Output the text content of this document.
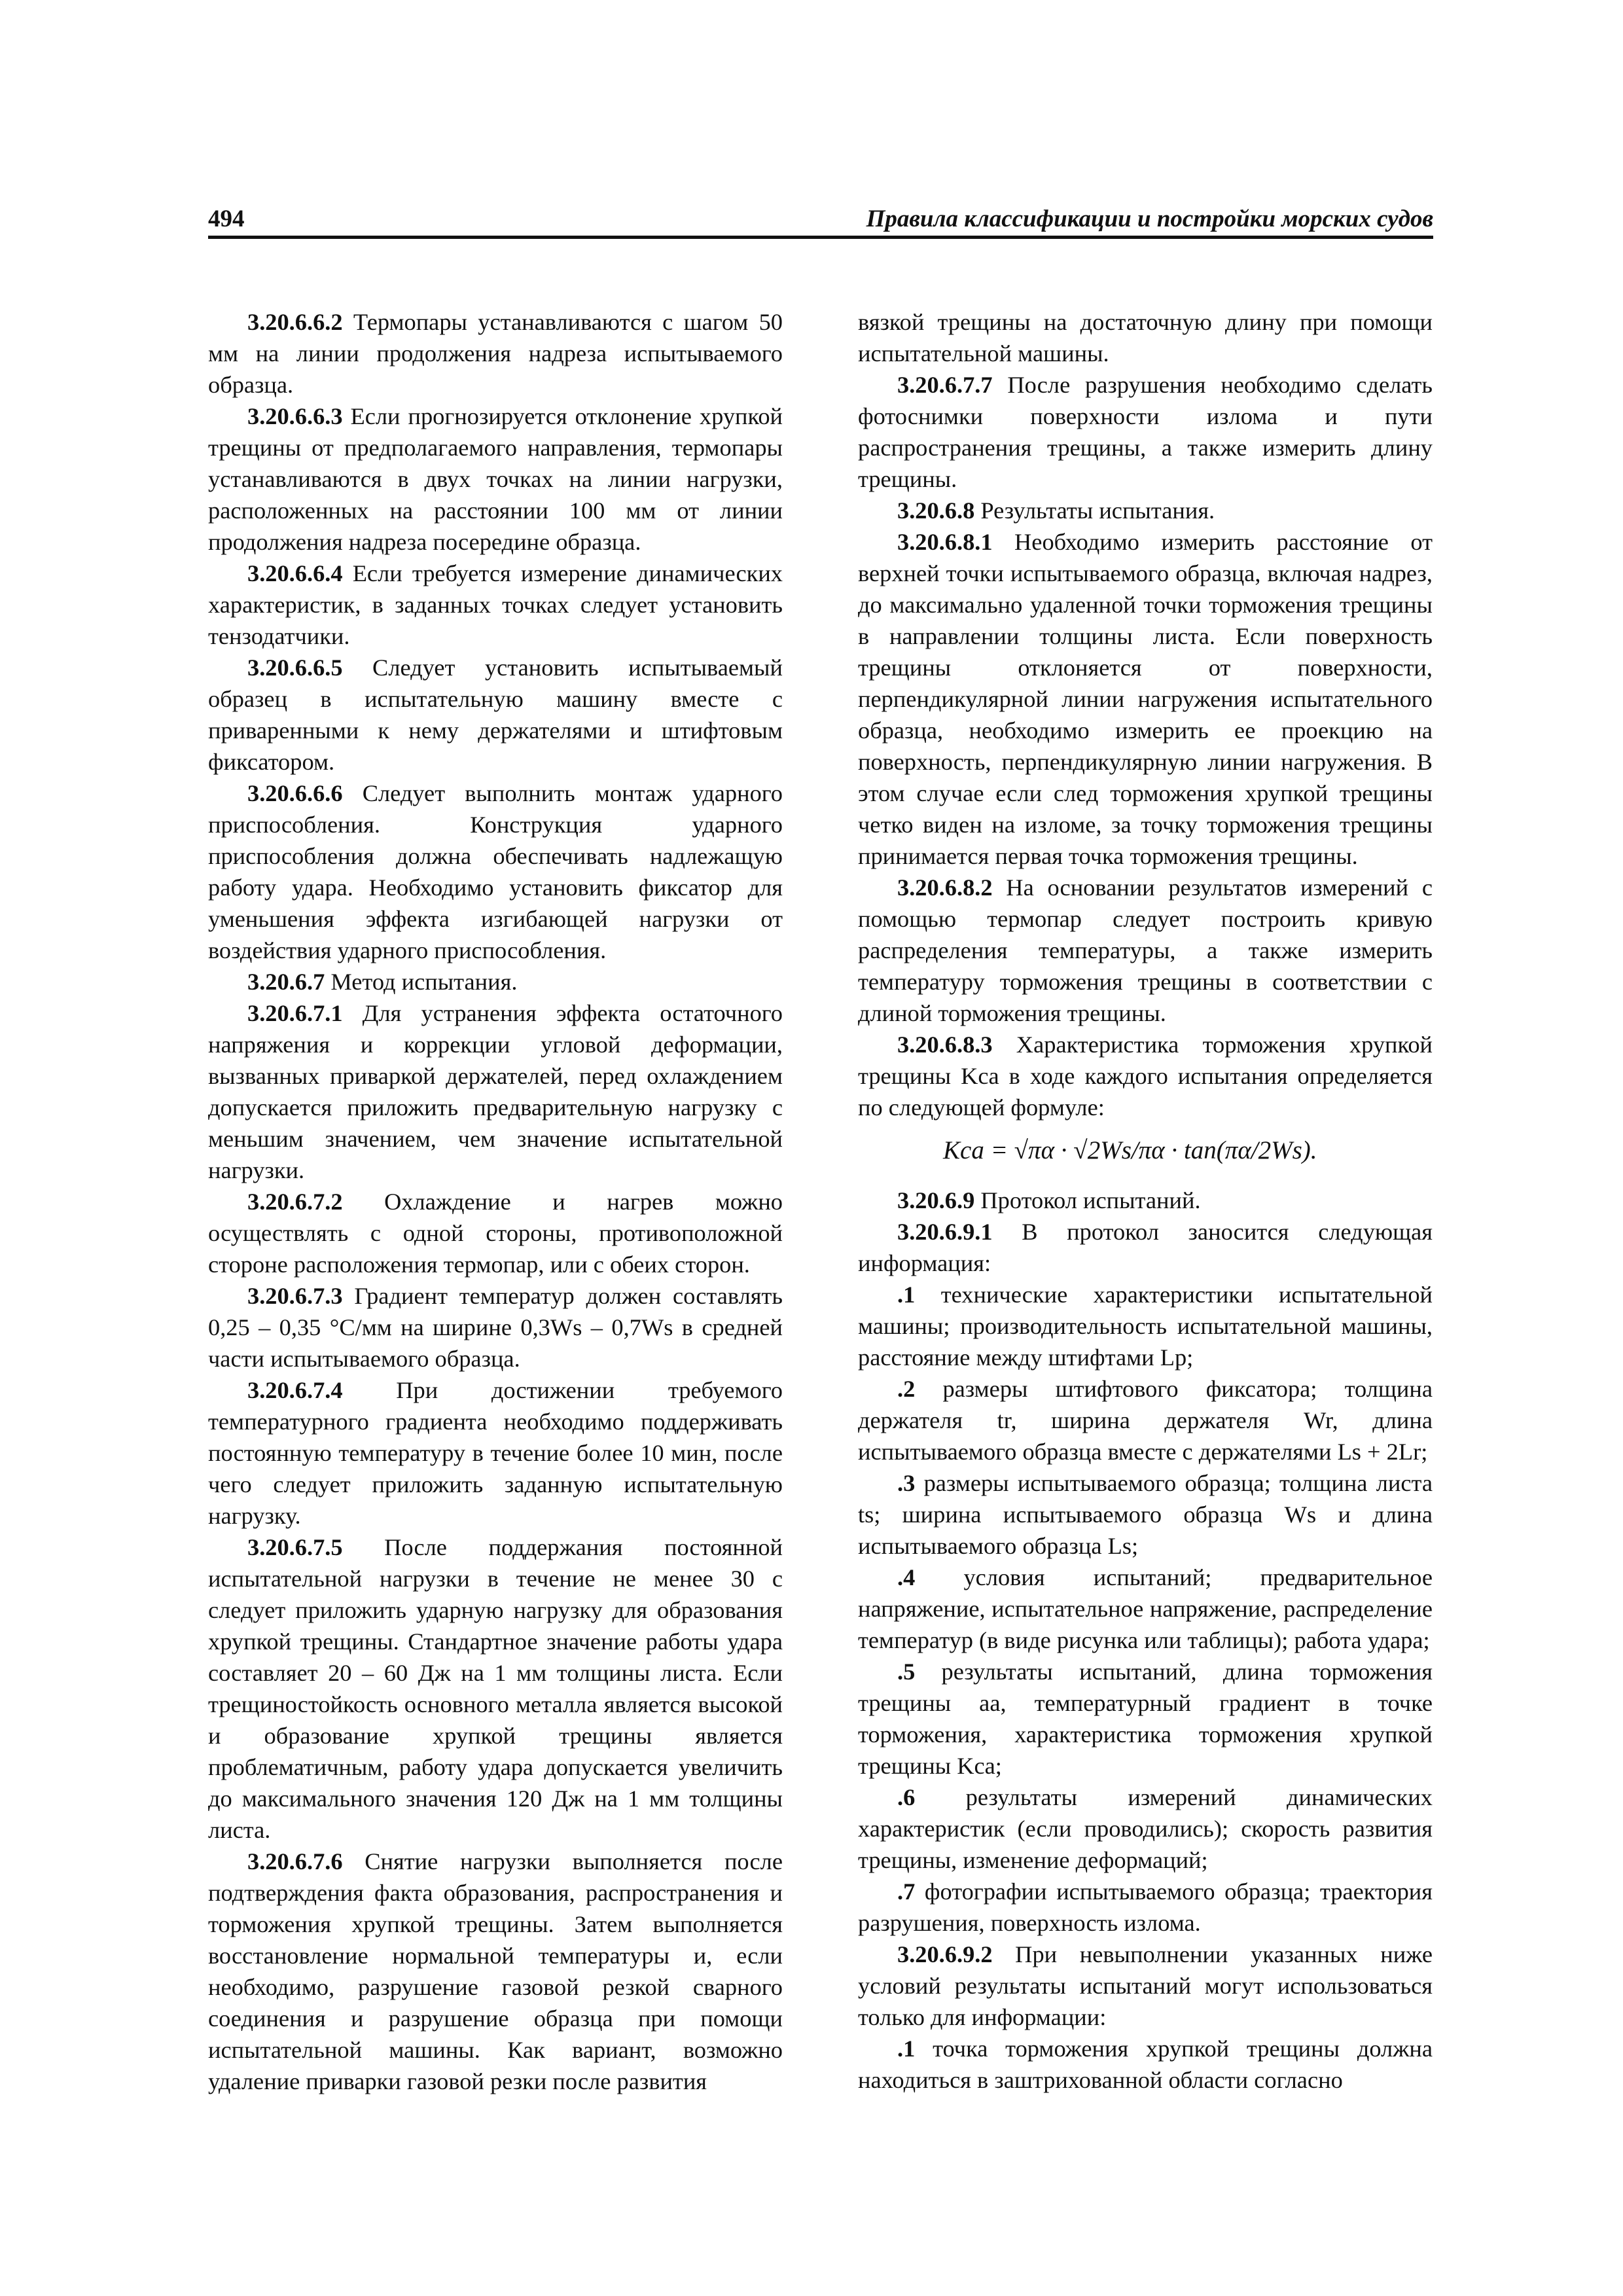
494	Правила классификации и постройки морских судов

3.20.6.6.2 Термопары устанавливаются с шагом 50 мм на линии продолжения надреза испытываемого образца.

3.20.6.6.3 Если прогнозируется отклонение хрупкой трещины от предполагаемого направления, термопары устанавливаются в двух точках на линии нагрузки, расположенных на расстоянии 100 мм от линии продолжения надреза посередине образца.

3.20.6.6.4 Если требуется измерение динамических характеристик, в заданных точках следует установить тензодатчики.

3.20.6.6.5 Следует установить испытываемый образец в испытательную машину вместе с приваренными к нему держателями и штифтовым фиксатором.

3.20.6.6.6 Следует выполнить монтаж ударного приспособления. Конструкция ударного приспособления должна обеспечивать надлежащую работу удара. Необходимо установить фиксатор для уменьшения эффекта изгибающей нагрузки от воздействия ударного приспособления.

3.20.6.7 Метод испытания.

3.20.6.7.1 Для устранения эффекта остаточного напряжения и коррекции угловой деформации, вызванных приваркой держателей, перед охлаждением допускается приложить предварительную нагрузку с меньшим значением, чем значение испытательной нагрузки.

3.20.6.7.2 Охлаждение и нагрев можно осуществлять с одной стороны, противоположной стороне расположения термопар, или с обеих сторон.

3.20.6.7.3 Градиент температур должен составлять 0,25 – 0,35 °С/мм на ширине 0,3Ws – 0,7Ws в средней части испытываемого образца.

3.20.6.7.4 При достижении требуемого температурного градиента необходимо поддерживать постоянную температуру в течение более 10 мин, после чего следует приложить заданную испытательную нагрузку.

3.20.6.7.5 После поддержания постоянной испытательной нагрузки в течение не менее 30 с следует приложить ударную нагрузку для образования хрупкой трещины. Стандартное значение работы удара составляет 20 – 60 Дж на 1 мм толщины листа. Если трещиностойкость основного металла является высокой и образование хрупкой трещины является проблематичным, работу удара допускается увеличить до максимального значения 120 Дж на 1 мм толщины листа.

3.20.6.7.6 Снятие нагрузки выполняется после подтверждения факта образования, распространения и торможения хрупкой трещины. Затем выполняется восстановление нормальной температуры и, если необходимо, разрушение газовой резкой сварного соединения и разрушение образца при помощи испытательной машины. Как вариант, возможно удаление приварки газовой резки после развития

вязкой трещины на достаточную длину при помощи испытательной машины.

3.20.6.7.7 После разрушения необходимо сделать фотоснимки поверхности излома и пути распространения трещины, а также измерить длину трещины.

3.20.6.8 Результаты испытания.

3.20.6.8.1 Необходимо измерить расстояние от верхней точки испытываемого образца, включая надрез, до максимально удаленной точки торможения трещины в направлении толщины листа. Если поверхность трещины отклоняется от поверхности, перпендикулярной линии нагружения испытательного образца, необходимо измерить ее проекцию на поверхность, перпендикулярную линии нагружения. В этом случае если след торможения хрупкой трещины четко виден на изломе, за точку торможения трещины принимается первая точка торможения трещины.

3.20.6.8.2 На основании результатов измерений с помощью термопар следует построить кривую распределения температуры, а также измерить температуру торможения трещины в соответствии с длиной торможения трещины.

3.20.6.8.3 Характеристика торможения хрупкой трещины Kca в ходе каждого испытания определяется по следующей формуле:

Kca = √πα · √2Ws/πα · tan(πα/2Ws).

3.20.6.9 Протокол испытаний.

3.20.6.9.1 В протокол заносится следующая информация:

.1 технические характеристики испытательной машины; производительность испытательной машины, расстояние между штифтами Lp;

.2 размеры штифтового фиксатора; толщина держателя tr, ширина держателя Wr, длина испытываемого образца вместе с держателями Ls + 2Lr;

.3 размеры испытываемого образца; толщина листа ts; ширина испытываемого образца Ws и длина испытываемого образца Ls;

.4 условия испытаний; предварительное напряжение, испытательное напряжение, распределение температур (в виде рисунка или таблицы); работа удара;

.5 результаты испытаний, длина торможения трещины aa, температурный градиент в точке торможения, характеристика торможения хрупкой трещины Kca;

.6 результаты измерений динамических характеристик (если проводились); скорость развития трещины, изменение деформаций;

.7 фотографии испытываемого образца; траектория разрушения, поверхность излома.

3.20.6.9.2 При невыполнении указанных ниже условий результаты испытаний могут использоваться только для информации:

.1 точка торможения хрупкой трещины должна находиться в заштрихованной области согласно
